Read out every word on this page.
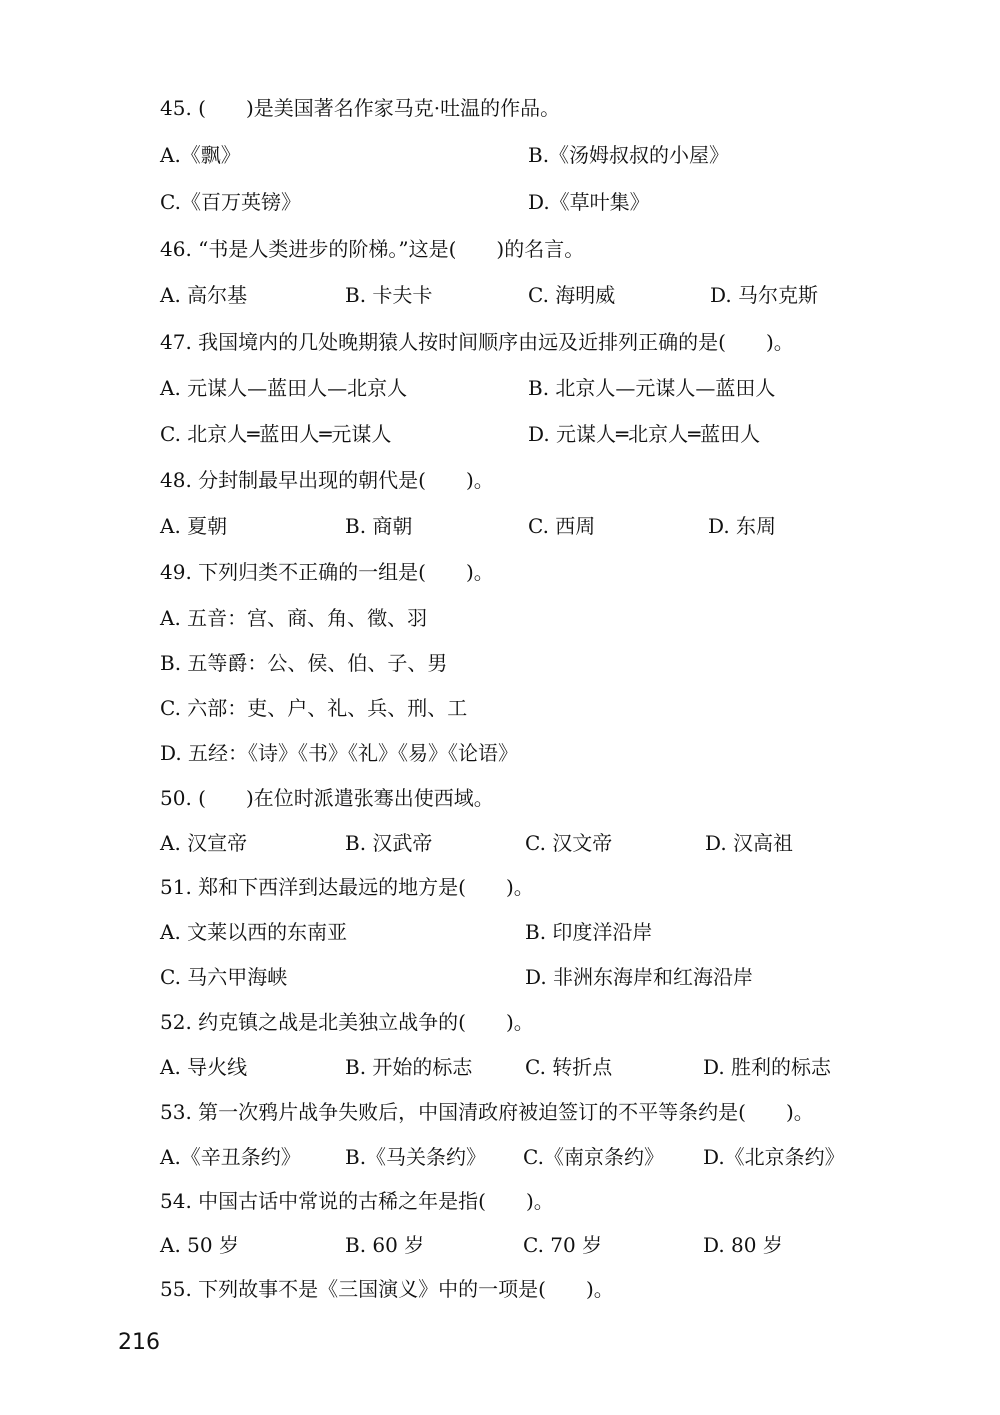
45. (　　)是美国著名作家马克·吐温的作品。
A.《飘》	B.《汤姆叔叔的小屋》
C.《百万英镑》	D.《草叶集》
46. “书是人类进步的阶梯。”这是(　　)的名言。
A. 高尔基	B. 卡夫卡	C. 海明威	D. 马尔克斯
47. 我国境内的几处晚期猿人按时间顺序由远及近排列正确的是(　　)。
A. 元谋人—蓝田人—北京人	B. 北京人—元谋人—蓝田人
C. 北京人═蓝田人═元谋人	D. 元谋人═北京人═蓝田人
48. 分封制最早出现的朝代是(　　)。
A. 夏朝	B. 商朝	C. 西周	D. 东周
49. 下列归类不正确的一组是(　　)。
A. 五音：宫、商、角、徵、羽
B. 五等爵：公、侯、伯、子、男
C. 六部：吏、户、礼、兵、刑、工
D. 五经：《诗》《书》《礼》《易》《论语》
50. (　　)在位时派遣张骞出使西域。
A. 汉宣帝	B. 汉武帝	C. 汉文帝	D. 汉高祖
51. 郑和下西洋到达最远的地方是(　　)。
A. 文莱以西的东南亚	B. 印度洋沿岸
C. 马六甲海峡	D. 非洲东海岸和红海沿岸
52. 约克镇之战是北美独立战争的(　　)。
A. 导火线	B. 开始的标志	C. 转折点	D. 胜利的标志
53. 第一次鸦片战争失败后，中国清政府被迫签订的不平等条约是(　　)。
A.《辛丑条约》 B.《马关条约》 C.《南京条约》 D.《北京条约》
54. 中国古话中常说的古稀之年是指(　　)。
A. 50 岁	B. 60 岁	C. 70 岁	D. 80 岁
55. 下列故事不是《三国演义》中的一项是(　　)。
216
